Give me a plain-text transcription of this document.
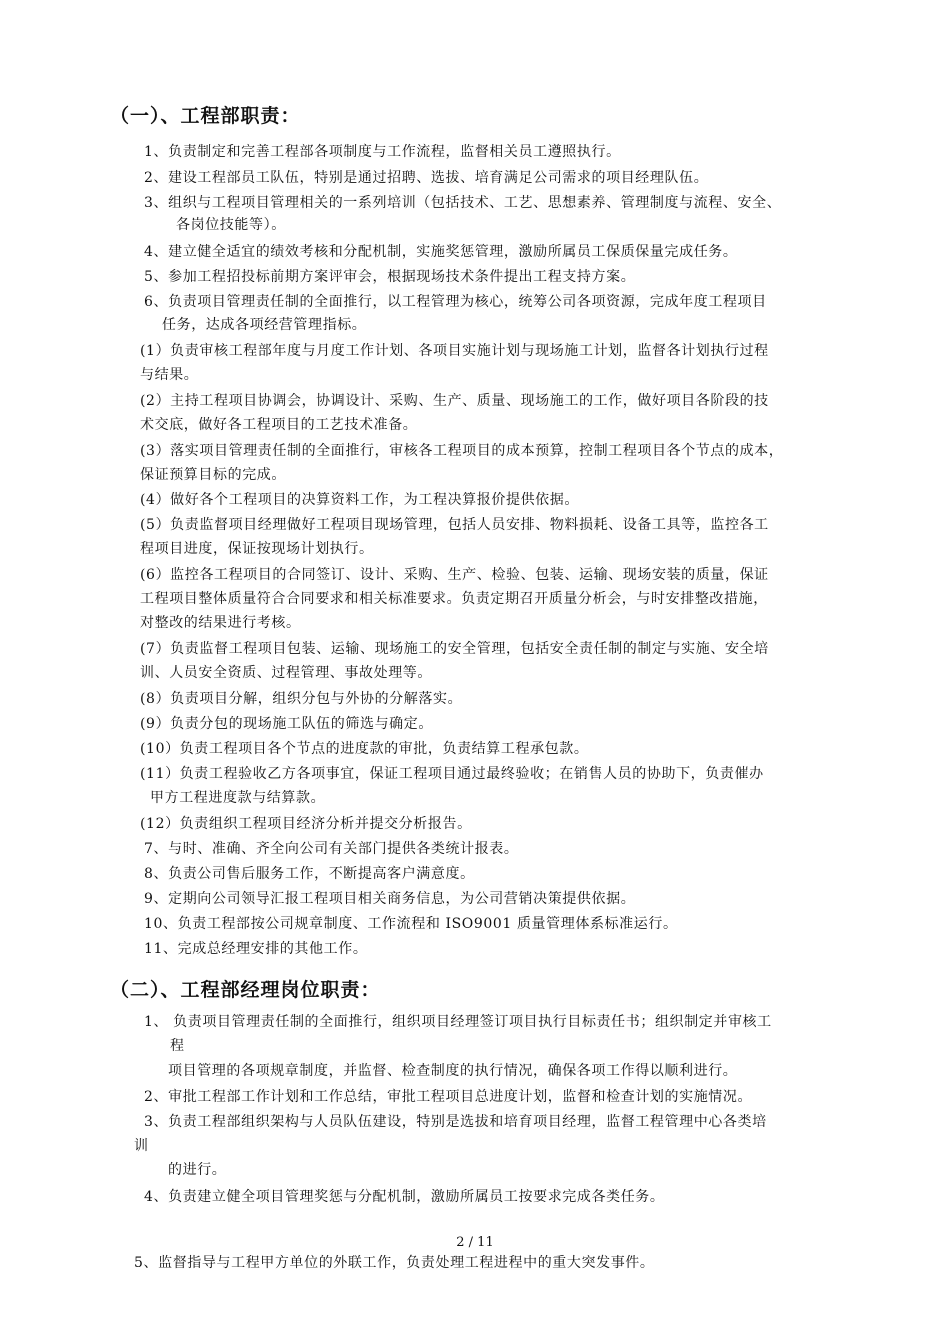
（一）、工程部职责：
1、负责制定和完善工程部各项制度与工作流程，监督相关员工遵照执行。
2、建设工程部员工队伍，特别是通过招聘、选拔、培育满足公司需求的项目经理队伍。
3、组织与工程项目管理相关的一系列培训（包括技术、工艺、思想素养、管理制度与流程、安全、
各岗位技能等）。
4、建立健全适宜的绩效考核和分配机制，实施奖惩管理，激励所属员工保质保量完成任务。
5、参加工程招投标前期方案评审会，根据现场技术条件提出工程支持方案。
6、负责项目管理责任制的全面推行，以工程管理为核心，统筹公司各项资源，完成年度工程项目
任务，达成各项经营管理指标。
(1）负责审核工程部年度与月度工作计划、各项目实施计划与现场施工计划，监督各计划执行过程
与结果。
(2）主持工程项目协调会，协调设计、采购、生产、质量、现场施工的工作，做好项目各阶段的技
术交底，做好各工程项目的工艺技术准备。
(3）落实项目管理责任制的全面推行，审核各工程项目的成本预算，控制工程项目各个节点的成本，
保证预算目标的完成。
(4）做好各个工程项目的决算资料工作，为工程决算报价提供依据。
(5）负责监督项目经理做好工程项目现场管理，包括人员安排、物料损耗、设备工具等，监控各工
程项目进度，保证按现场计划执行。
(6）监控各工程项目的合同签订、设计、采购、生产、检验、包装、运输、现场安装的质量，保证
工程项目整体质量符合合同要求和相关标准要求。负责定期召开质量分析会，与时安排整改措施，
对整改的结果进行考核。
(7）负责监督工程项目包装、运输、现场施工的安全管理，包括安全责任制的制定与实施、安全培
训、人员安全资质、过程管理、事故处理等。
(8）负责项目分解，组织分包与外协的分解落实。
(9）负责分包的现场施工队伍的筛选与确定。
(10）负责工程项目各个节点的进度款的审批，负责结算工程承包款。
(11）负责工程验收乙方各项事宜，保证工程项目通过最终验收；在销售人员的协助下，负责催办
甲方工程进度款与结算款。
(12）负责组织工程项目经济分析并提交分析报告。
7、与时、准确、齐全向公司有关部门提供各类统计报表。
8、负责公司售后服务工作，不断提高客户满意度。
9、定期向公司领导汇报工程项目相关商务信息，为公司营销决策提供依据。
10、负责工程部按公司规章制度、工作流程和 ISO9001 质量管理体系标准运行。
11、完成总经理安排的其他工作。
（二）、工程部经理岗位职责：
1、 负责项目管理责任制的全面推行，组织项目经理签订项目执行目标责任书；组织制定并审核工
程
项目管理的各项规章制度，并监督、检查制度的执行情况，确保各项工作得以顺利进行。
2、审批工程部工作计划和工作总结，审批工程项目总进度计划，监督和检查计划的实施情况。
3、负责工程部组织架构与人员队伍建设，特别是选拔和培育项目经理，监督工程管理中心各类培
训
的进行。
4、负责建立健全项目管理奖惩与分配机制，激励所属员工按要求完成各类任务。
2 / 11
5、监督指导与工程甲方单位的外联工作，负责处理工程进程中的重大突发事件。
